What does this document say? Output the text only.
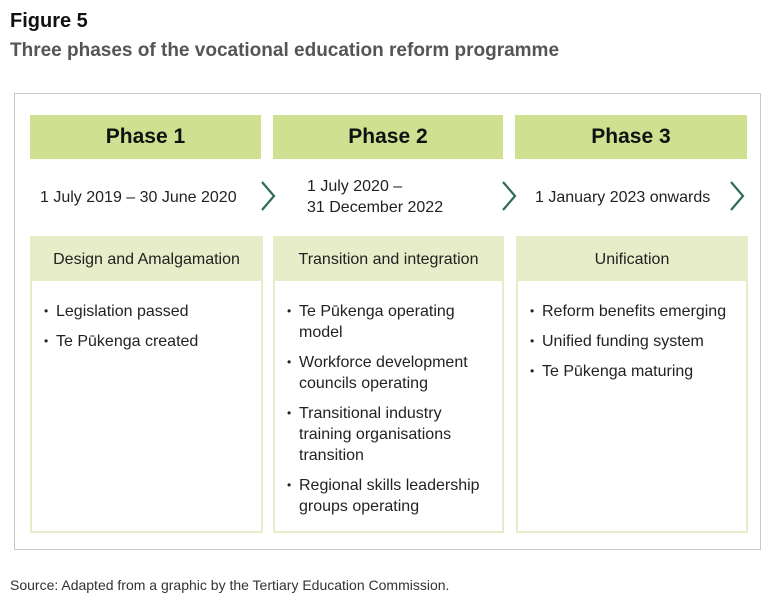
Figure 5
Three phases of the vocational education reform programme
Phase 1	Phase 2	Phase 3
1 July 2019 – 30 June 2020
1 July 2020 –
31 December 2022
1 January 2023 onwards
Design and Amalgamation
• Legislation passed
• Te Pūkenga created
Transition and integration
• Te Pūkenga operating model
• Workforce development councils operating
• Transitional industry training organisations transition
• Regional skills leadership groups operating
Unification
• Reform benefits emerging
• Unified funding system
• Te Pūkenga maturing
Source: Adapted from a graphic by the Tertiary Education Commission.
